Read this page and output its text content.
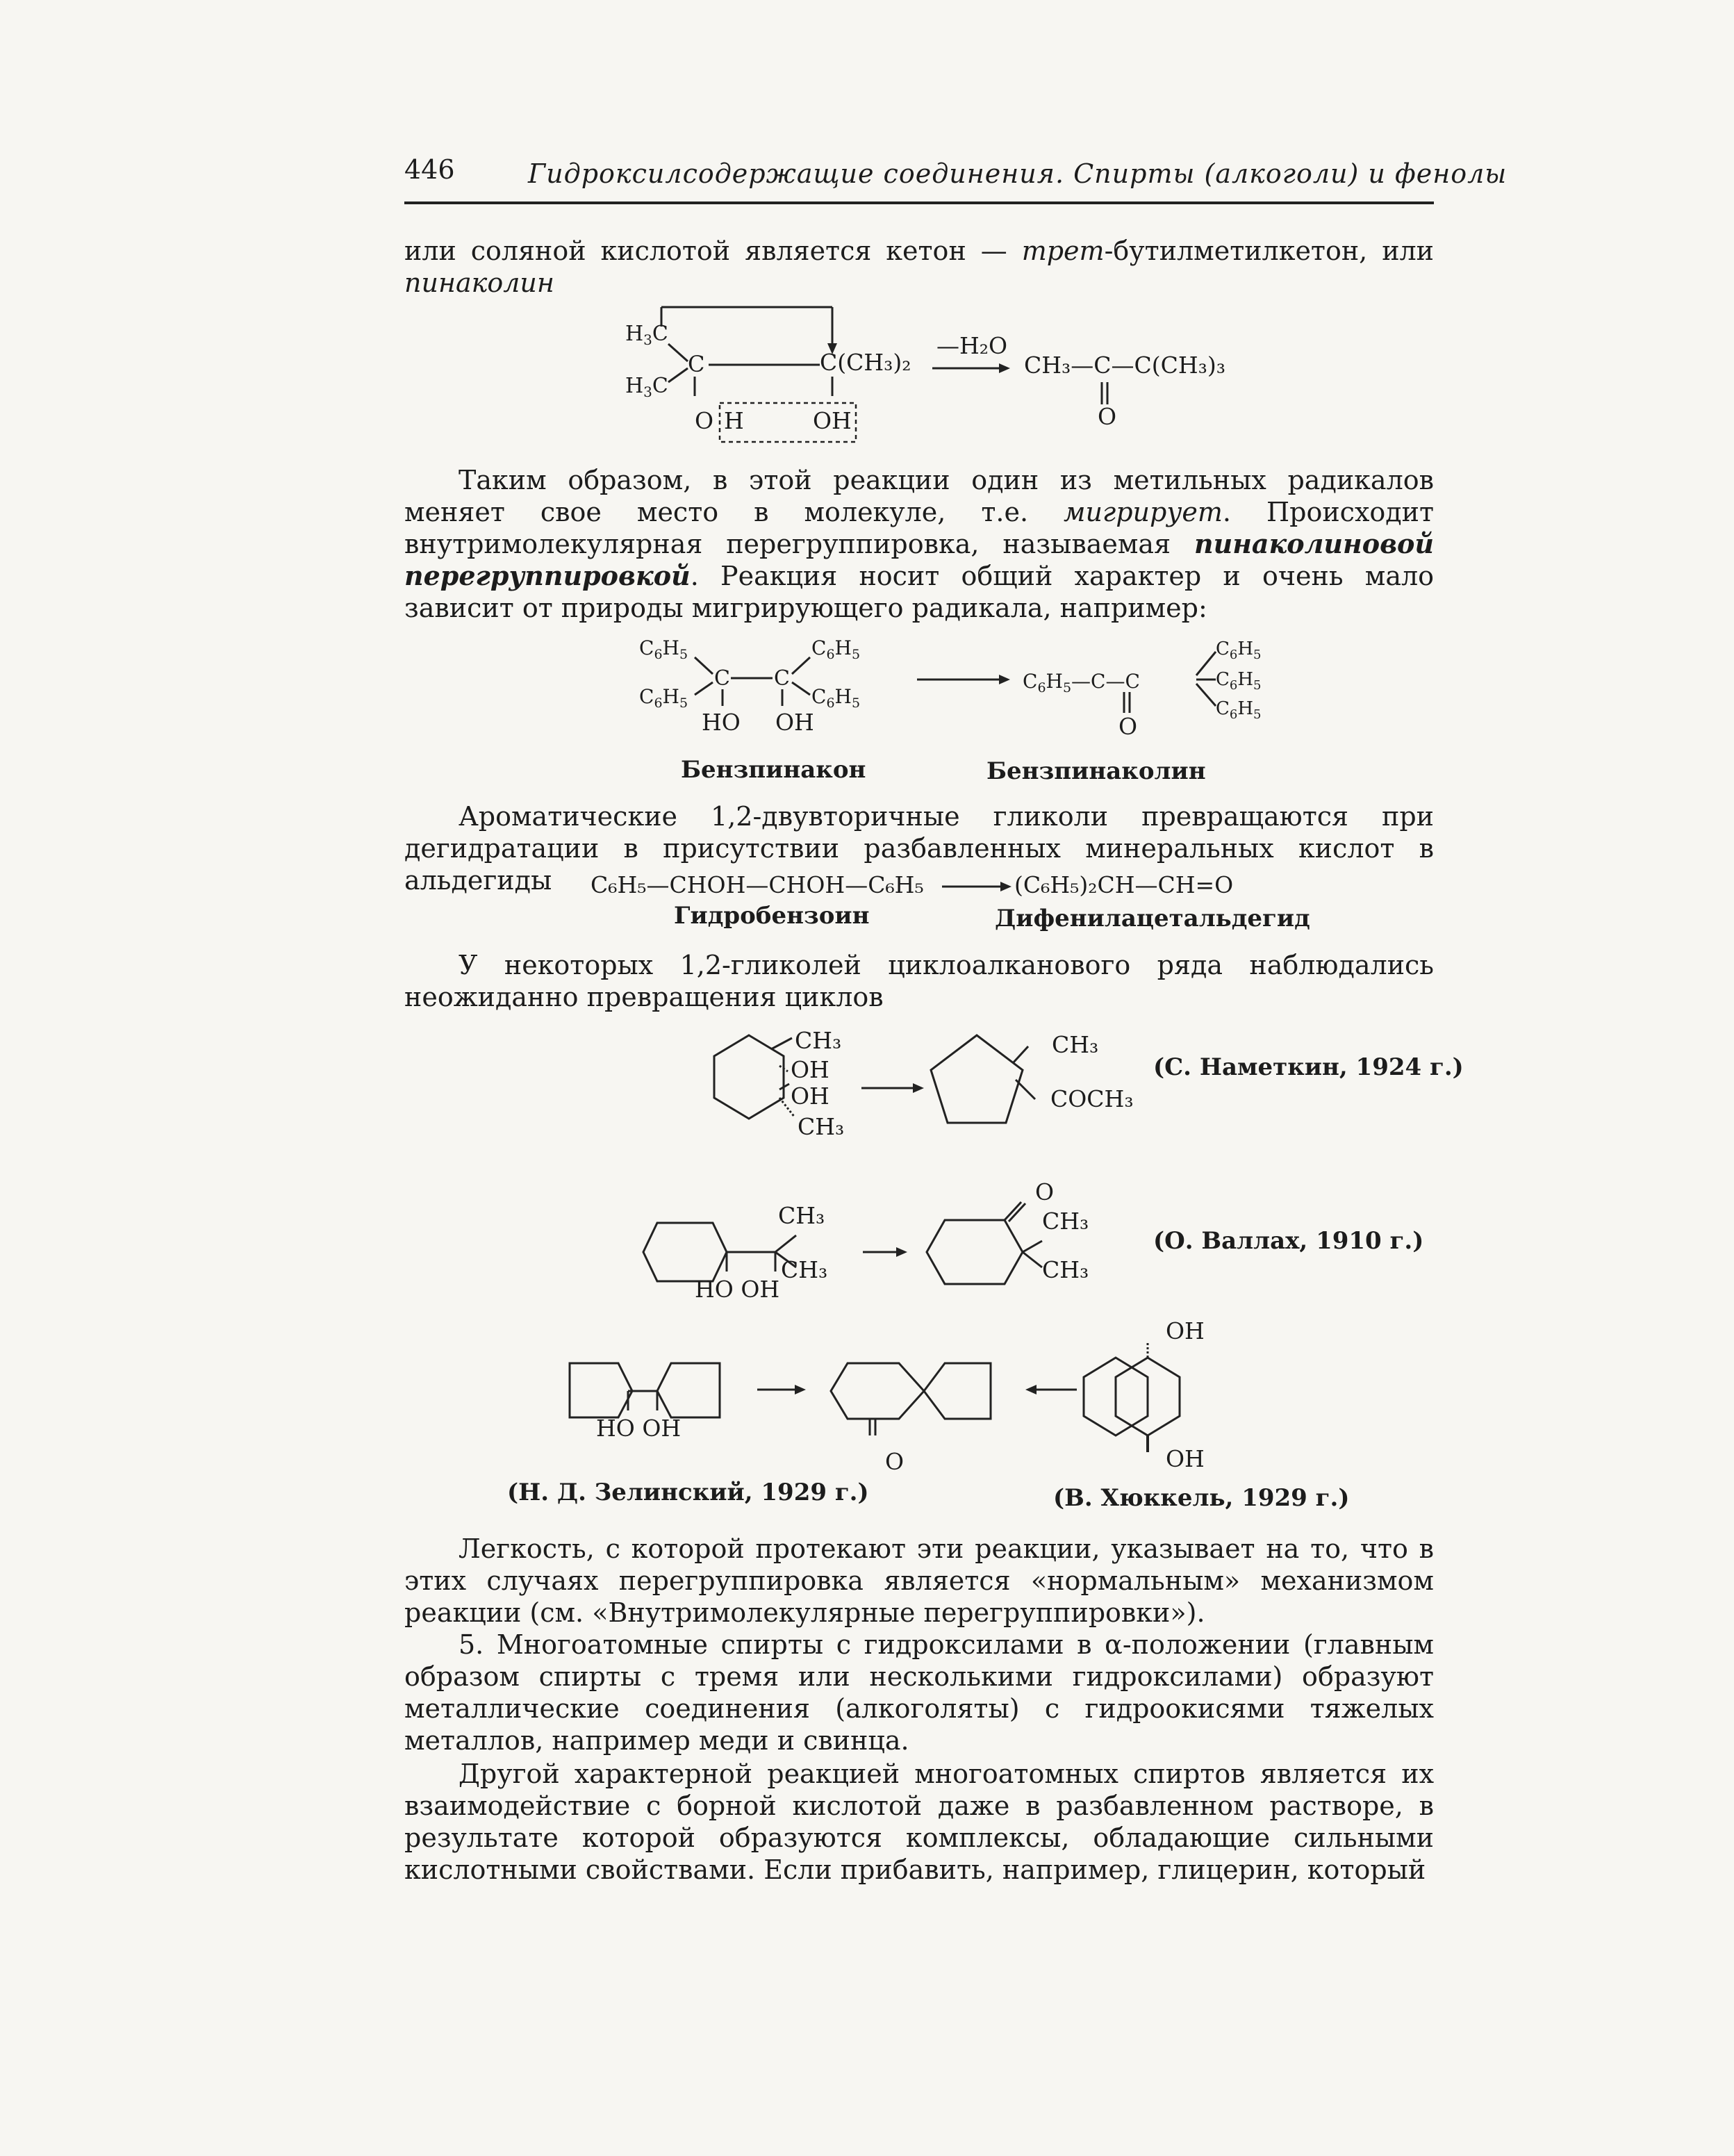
446	Гидроксилсодержащие соединения. Спирты (алкоголи) и фенолы
или соляной кислотой является кетон — трет-бутилметилкетон, или пинаколин
$H_3C$
$H_3C$
C	C(CH₃)₂
O H	OH
—H₂O
CH₃—C—C(CH₃)₃
O
Таким образом, в этой реакции один из метильных радикалов меняет свое место в молекуле, т.е. мигрирует. Происходит внутримолекулярная перегруппировка, называемая пинаколиновой перегруппировкой. Реакция носит общий характер и очень мало зависит от природы мигрирующего радикала, например:
$C_6H_5$
$C_6H_5$
C C
$C_6H_5$
$C_6H_5$
$C_6H_5—C—C$
$C_6H_5$
$C_6H_5$
$C_6H_5$
HO OH	O
Бензпинакон	Бензпинаколин
Ароматические 1,2-двувторичные гликоли превращаются при дегидратации в присутствии разбавленных минеральных кислот в альдегиды	C₆H₅—CHOH—CHOH—C₆H₅	(C₆H₅)₂CH—CH=O
Гидробензоин	Дифенилацетальдегид
У некоторых 1,2-гликолей циклоалканового ряда наблюдались неожиданно превращения циклов
CH₃
OH
OH
CH₃
CH₃
COCH₃
(С. Наметкин, 1924 г.)
CH₃
CH₃
HO OH
O
CH₃
CH₃
(О. Валлах, 1910 г.)
HO OH
O
OH
OH
(Н. Д. Зелинский, 1929 г.)	(В. Хюккель, 1929 г.)
Легкость, с которой протекают эти реакции, указывает на то, что в этих случаях перегруппировка является «нормальным» механизмом реакции (см. «Внутримолекулярные перегруппировки»).
5. Многоатомные спирты с гидроксилами в α-положении (главным образом спирты с тремя или несколькими гидроксилами) образуют металлические соединения (алкоголяты) с гидроокисями тяжелых металлов, например меди и свинца.
Другой характерной реакцией многоатомных спиртов является их взаимодействие с борной кислотой даже в разбавленном растворе, в результате которой образуются комплексы, обладающие сильными кислотными свойствами. Если прибавить, например, глицерин, который
